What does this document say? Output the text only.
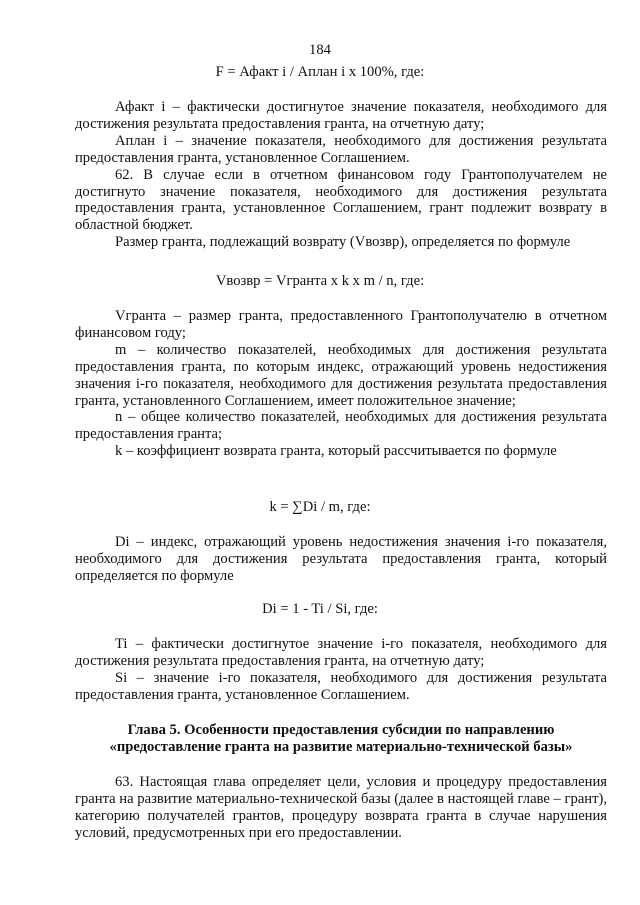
184
F = Афакт i / Аплан i х 100%, где:

Афакт i – фактически достигнутое значение показателя, необходимого для достижения результата предоставления гранта, на отчетную дату;

Аплан i – значение показателя, необходимого для достижения результата предоставления гранта, установленное Соглашением.

62. В случае если в отчетном финансовом году Грантополучателем не достигнуто значение показателя, необходимого для достижения результата предоставления гранта, установленное Соглашением, грант подлежит возврату в областной бюджет.

Размер гранта, подлежащий возврату (Vвозвр), определяется по формуле

Vвозвр = Vгранта x k x m / n, где:

Vгранта – размер гранта, предоставленного Грантополучателю в отчетном финансовом году;

m – количество показателей, необходимых для достижения результата предоставления гранта, по которым индекс, отражающий уровень недостижения значения i-го показателя, необходимого для достижения результата предоставления гранта, установленного Соглашением, имеет положительное значение;

n – общее количество показателей, необходимых для достижения результата предоставления гранта;

k – коэффициент возврата гранта, который рассчитывается по формуле

k = ∑Di / m, где:

Di – индекс, отражающий уровень недостижения значения i-го показателя, необходимого для достижения результата предоставления гранта, который определяется по формуле

Di = 1 - Ti / Si, где:

Ti – фактически достигнутое значение i-го показателя, необходимого для достижения результата предоставления гранта, на отчетную дату;

Si – значение i-го показателя, необходимого для достижения результата предоставления гранта, установленное Соглашением.

Глава 5. Особенности предоставления субсидии по направлению
«предоставление гранта на развитие материально-технической базы»

63. Настоящая глава определяет цели, условия и процедуру предоставления гранта на развитие материально-технической базы (далее в настоящей главе – грант), категорию получателей грантов, процедуру возврата гранта в случае нарушения условий, предусмотренных при его предоставлении.
